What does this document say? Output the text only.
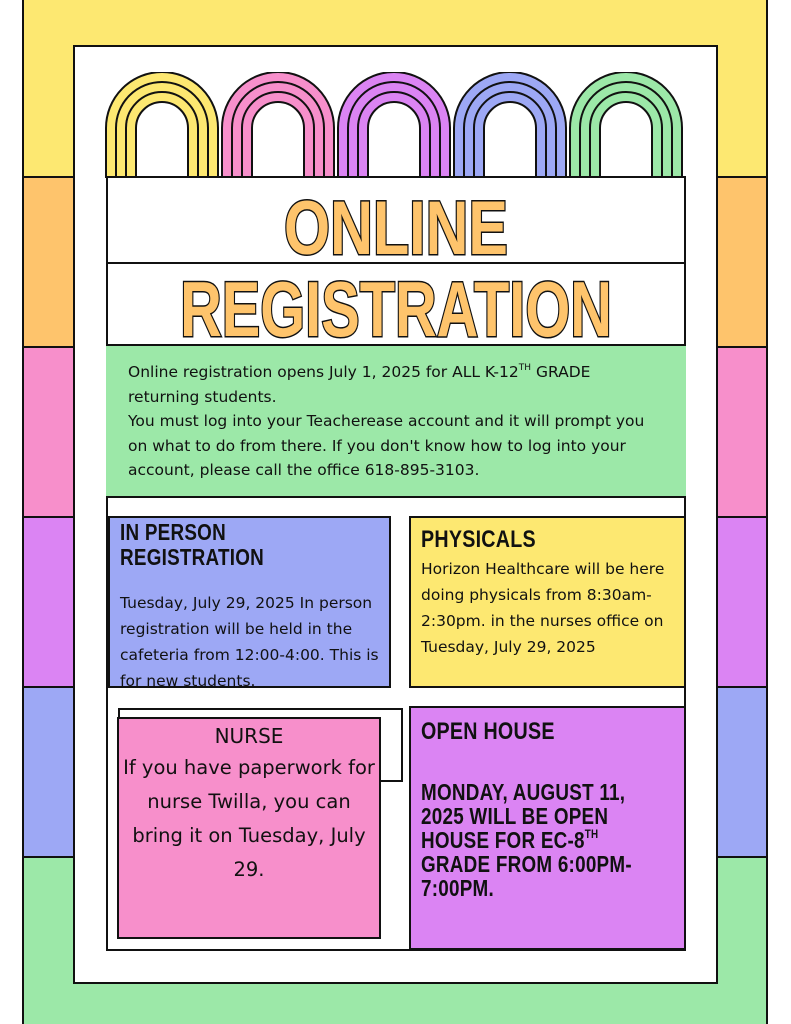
ONLINE
REGISTRATION

Online registration opens July 1, 2025 for ALL K-12TH GRADE

returning students.

You must log into your Teacherease account and it will prompt you

on what to do from there. If you don't know how to log into your

account, please call the office 618-895-3103.

IN PERSON
REGISTRATION
Tuesday, July 29, 2025 In person registration will be held in the cafeteria from 12:00-4:00. This is for new students.
PHYSICALS
Horizon Healthcare will be here doing physicals from 8:30am-2:30pm. in the nurses office on Tuesday, July 29, 2025
NURSE
If you have paperwork for nurse Twilla, you can bring it on Tuesday, July 29.
OPEN HOUSE
MONDAY, AUGUST 11,
2025 WILL BE OPEN
HOUSE FOR EC-8TH
GRADE FROM 6:00PM-
7:00PM.
